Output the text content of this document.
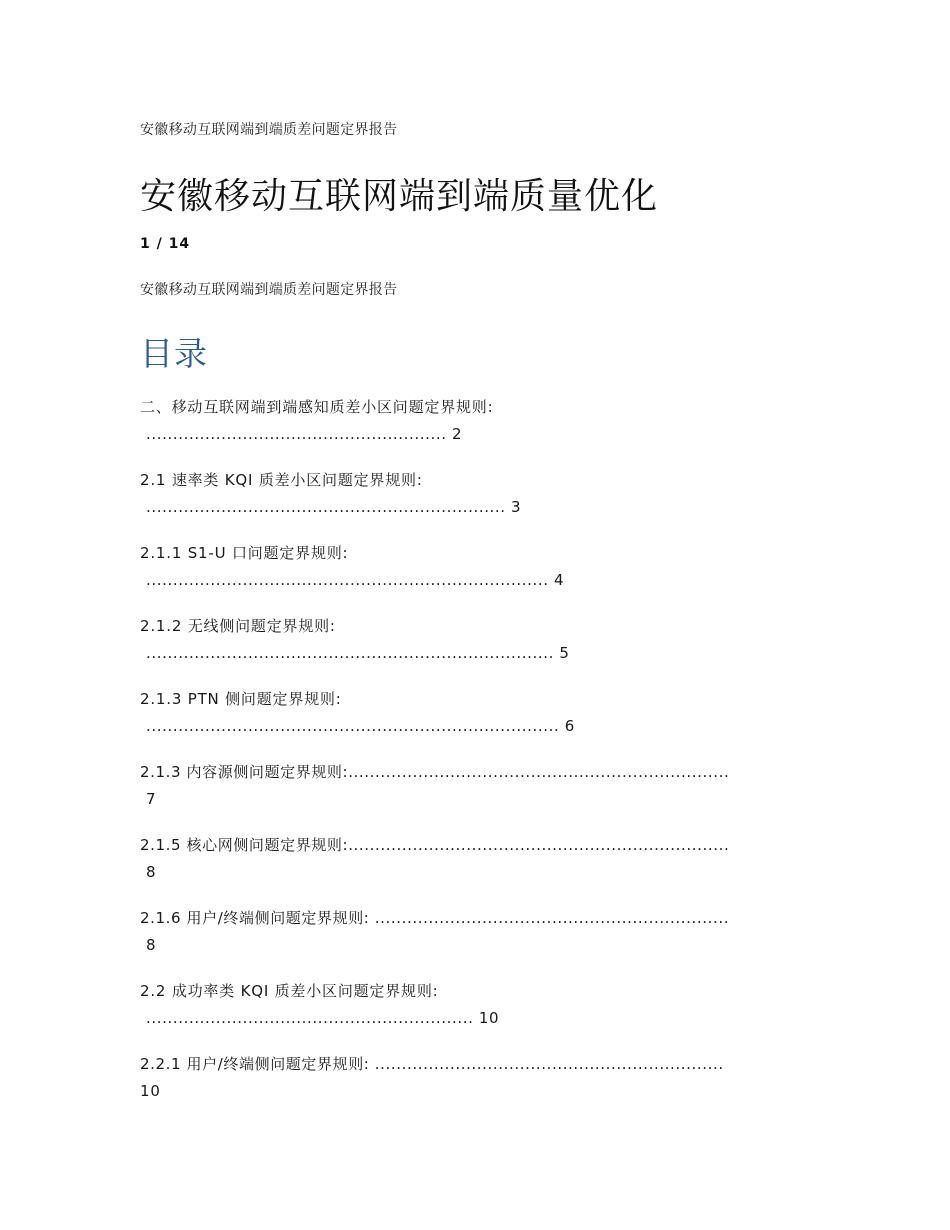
安徽移动互联网端到端质差问题定界报告
安徽移动互联网端到端质量优化
1 / 14
安徽移动互联网端到端质差问题定界报告
目录
二、移动互联网端到端感知质差小区问题定界规则:
........................................................ 2
2.1 速率类 KQI 质差小区问题定界规则:
................................................................... 3
2.1.1 S1-U 口问题定界规则:
........................................................................... 4
2.1.2 无线侧问题定界规则:
............................................................................ 5
2.1.3 PTN 侧问题定界规则:
............................................................................. 6
2.1.3 内容源侧问题定界规则:.......................................................................
7
2.1.5 核心网侧问题定界规则:.......................................................................
8
2.1.6 用户/终端侧问题定界规则: ..................................................................
8
2.2 成功率类 KQI 质差小区问题定界规则:
............................................................. 10
2.2.1 用户/终端侧问题定界规则: .................................................................
10
